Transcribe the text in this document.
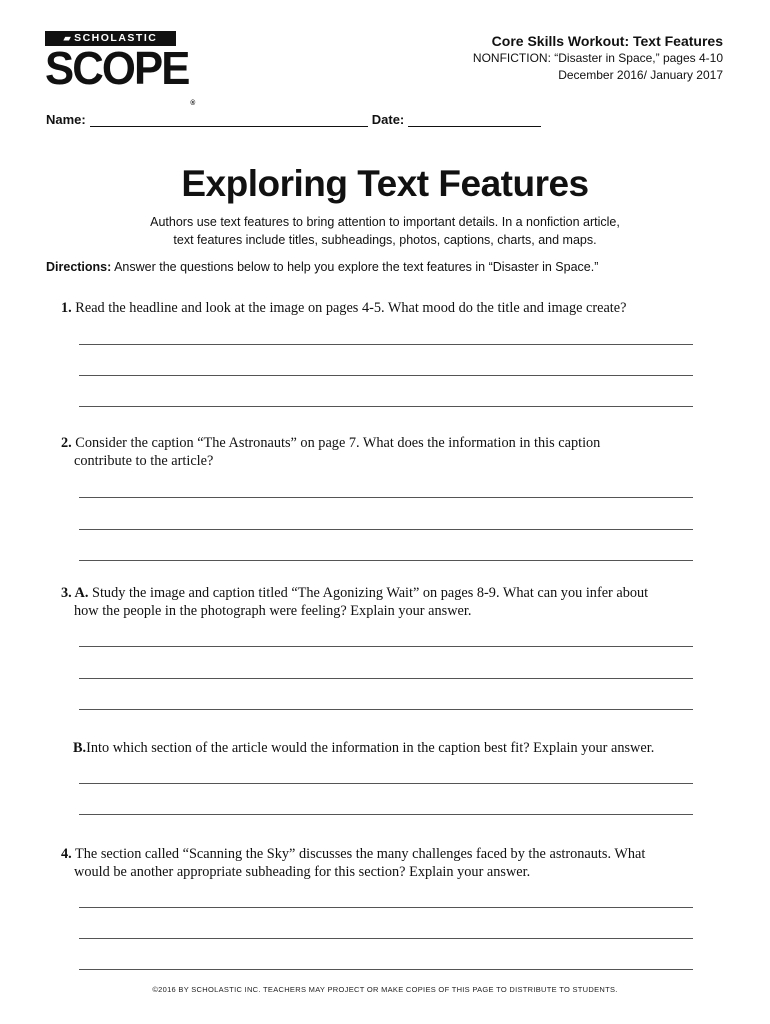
▰ SCHOLASTIC
SCOPE®
Core Skills Workout: Text Features
NONFICTION: “Disaster in Space,” pages 4-10
December 2016/ January 2017
Name:	Date:
Exploring Text Features
Authors use text features to bring attention to important details. In a nonfiction article,
text features include titles, subheadings, photos, captions, charts, and maps.
Directions: Answer the questions below to help you explore the text features in “Disaster in Space.”
1. Read the headline and look at the image on pages 4-5. What mood do the title and image create?
2. Consider the caption “The Astronauts” on page 7. What does the information in this caption
contribute to the article?
3. A. Study the image and caption titled “The Agonizing Wait” on pages 8-9. What can you infer about
how the people in the photograph were feeling? Explain your answer.
B.Into which section of the article would the information in the caption best fit? Explain your answer.
4. The section called “Scanning the Sky” discusses the many challenges faced by the astronauts. What
would be another appropriate subheading for this section? Explain your answer.
©2016 BY SCHOLASTIC INC. TEACHERS MAY PROJECT OR MAKE COPIES OF THIS PAGE TO DISTRIBUTE TO STUDENTS.
